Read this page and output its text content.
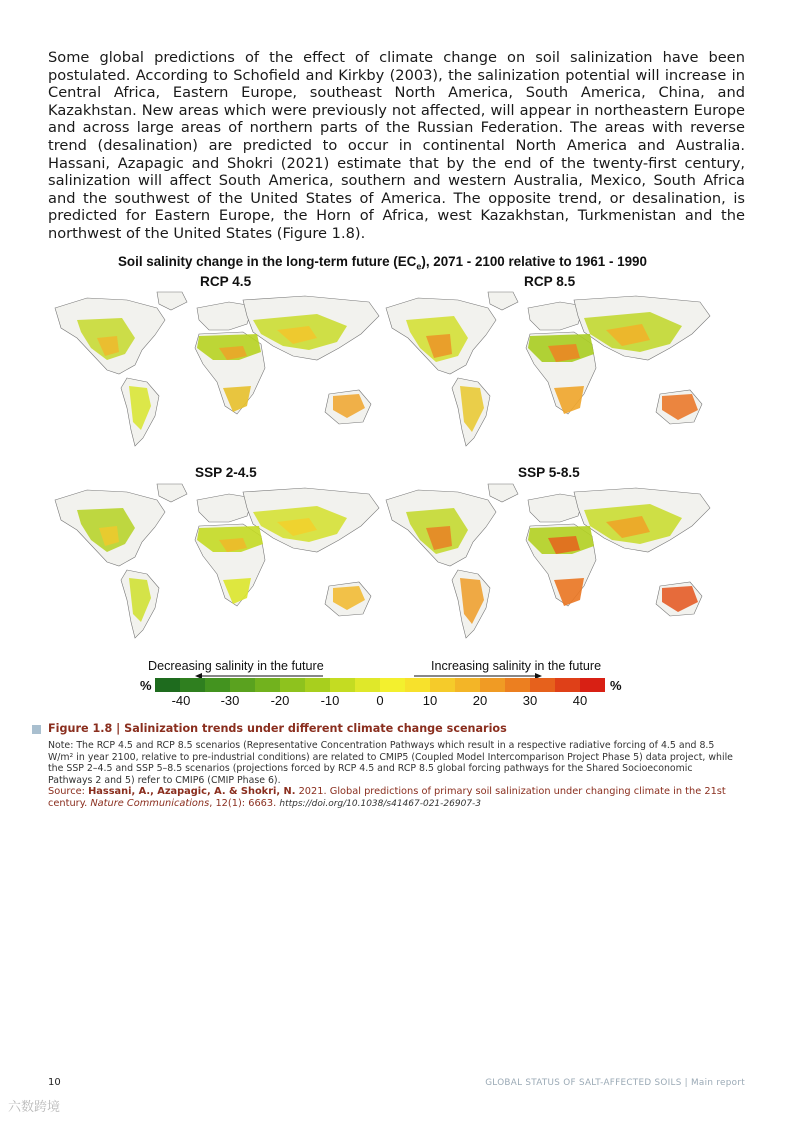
Some global predictions of the effect of climate change on soil salinization have been postulated. According to Schofield and Kirkby (2003), the salinization potential will increase in Central Africa, Eastern Europe, southeast North America, South America, China, and Kazakhstan. New areas which were previously not affected, will appear in northeastern Europe and across large areas of northern parts of the Russian Federation. The areas with reverse trend (desalination) are predicted to occur in continental North America and Australia. Hassani, Azapagic and Shokri (2021) estimate that by the end of the twenty-first century, salinization will affect South America, southern and western Australia, Mexico, South Africa and the southwest of the United States of America. The opposite trend, or desalination, is predicted for Eastern Europe, the Horn of Africa, west Kazakhstan, Turkmenistan and the northwest of the United States (Figure 1.8).

Soil salinity change in the long-term future $(EC_e)$, 2071 - 2100 relative to 1961 - 1990
RCP 4.5	RCP 8.5
SSP 2-4.5	SSP 5-8.5
Decreasing salinity in the future	Increasing salinity in the future
%	%
-40 -30 -20 -10	0	10	20	30	40
Figure 1.8 | Salinization trends under different climate change scenarios

Note: The RCP 4.5 and RCP 8.5 scenarios (Representative Concentration Pathways which result in a respective radiative forcing of 4.5 and 8.5 W/m² in year 2100, relative to pre-industrial conditions) are related to CMIP5 (Coupled Model Intercomparison Project Phase 5) data project, while the SSP 2–4.5 and SSP 5–8.5 scenarios (projections forced by RCP 4.5 and RCP 8.5 global forcing pathways for the Shared Socioeconomic Pathways 2 and 5) refer to CMIP6 (CMIP Phase 6).

Source: Hassani, A., Azapagic, A. & Shokri, N. 2021. Global predictions of primary soil salinization under changing climate in the 21st century. Nature Communications, 12(1): 6663. https://doi.org/10.1038/s41467-021-26907-3

10	GLOBAL STATUS OF SALT-AFFECTED SOILS | Main report
六数跨境
